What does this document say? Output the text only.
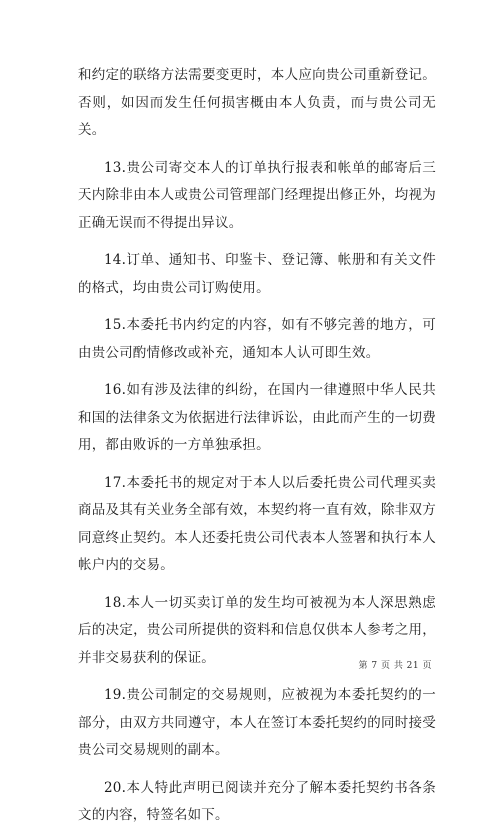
和约定的联络方法需要变更时，本人应向贵公司重新登记。否则，如因而发生任何损害概由本人负责，而与贵公司无关。

13.贵公司寄交本人的订单执行报表和帐单的邮寄后三天内除非由本人或贵公司管理部门经理提出修正外，均视为正确无误而不得提出异议。

14.订单、通知书、印鉴卡、登记簿、帐册和有关文件的格式，均由贵公司订购使用。

15.本委托书内约定的内容，如有不够完善的地方，可由贵公司酌情修改或补充，通知本人认可即生效。

16.如有涉及法律的纠纷，在国内一律遵照中华人民共和国的法律条文为依据进行法律诉讼，由此而产生的一切费用，都由败诉的一方单独承担。

17.本委托书的规定对于本人以后委托贵公司代理买卖商品及其有关业务全部有效，本契约将一直有效，除非双方同意终止契约。本人还委托贵公司代表本人签署和执行本人帐户内的交易。

18.本人一切买卖订单的发生均可被视为本人深思熟虑后的决定，贵公司所提供的资料和信息仅供本人参考之用，并非交易获利的保证。

19.贵公司制定的交易规则，应被视为本委托契约的一部分，由双方共同遵守，本人在签订本委托契约的同时接受贵公司交易规则的副本。

20.本人特此声明已阅读并充分了解本委托契约书各条文的内容，特签名如下。

第 7 页 共 21 页
